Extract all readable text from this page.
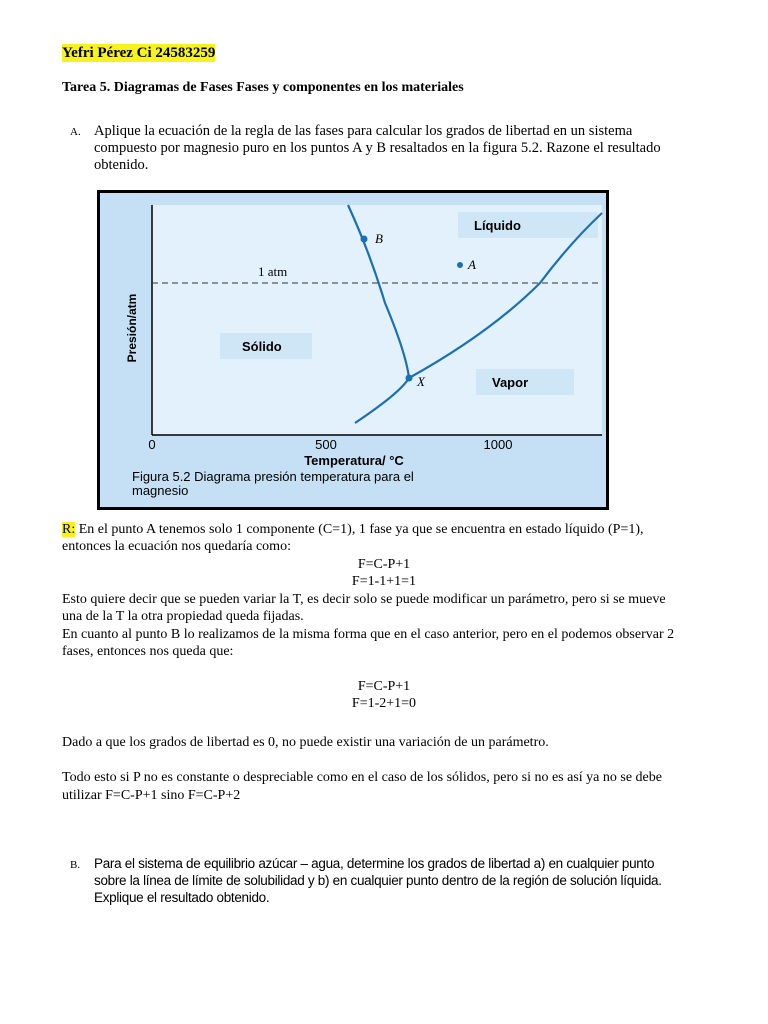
Yefri Pérez Ci 24583259
Tarea 5. Diagramas de Fases Fases y componentes en los materiales
A. Aplique la ecuación de la regla de las fases para calcular los grados de libertad en un sistema
compuesto por magnesio puro en los puntos A y B resaltados en la figura 5.2. Razone el resultado
obtenido.
B
A
X
Líquido
Sólido
Vapor
1 atm
Presión/atm
0	500	1000
Temperatura/ °C
Figura 5.2 Diagrama presión temperatura para el
magnesio
R: En el punto A tenemos solo 1 componente (C=1), 1 fase ya que se encuentra en estado líquido (P=1),
entonces la ecuación nos quedaría como:
F=C-P+1
F=1-1+1=1
Esto quiere decir que se pueden variar la T, es decir solo se puede modificar un parámetro, pero si se mueve
una de la T la otra propiedad queda fijadas.
En cuanto al punto B lo realizamos de la misma forma que en el caso anterior, pero en el podemos observar 2
fases, entonces nos queda que:
F=C-P+1
F=1-2+1=0
Dado a que los grados de libertad es 0, no puede existir una variación de un parámetro.
Todo esto si P no es constante o despreciable como en el caso de los sólidos, pero si no es así ya no se debe
utilizar F=C-P+1 sino F=C-P+2
B. Para el sistema de equilibrio azúcar – agua, determine los grados de libertad a) en cualquier punto
sobre la línea de límite de solubilidad y b) en cualquier punto dentro de la región de solución líquida.
Explique el resultado obtenido.
